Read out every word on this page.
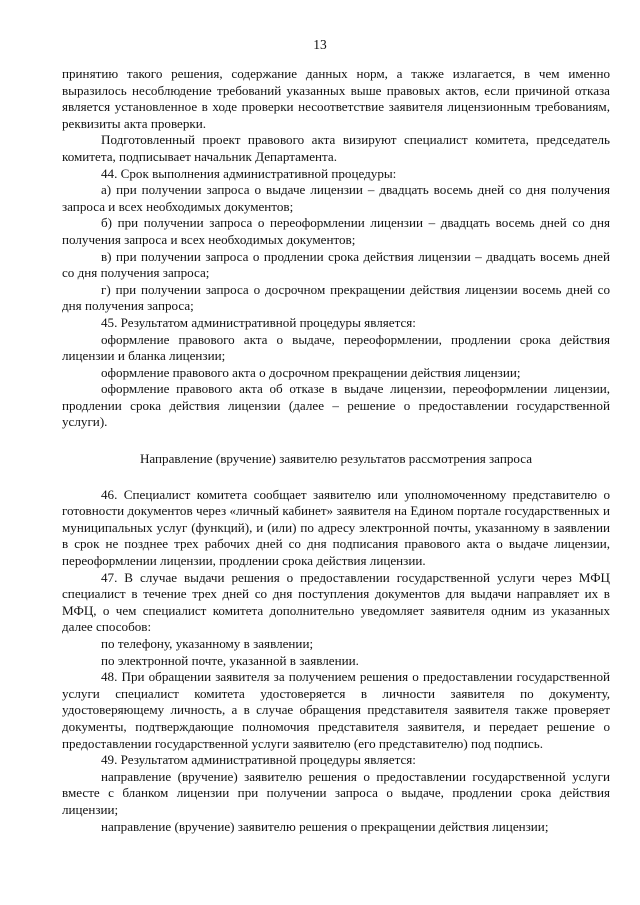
13

принятию такого решения, содержание данных норм, а также излагается, в чем именно выразилось несоблюдение требований указанных выше правовых актов, если причиной отказа является установленное в ходе проверки несоответствие заявителя лицензионным требованиям, реквизиты акта проверки.

Подготовленный проект правового акта визируют специалист комитета, председатель комитета, подписывает начальник Департамента.

44. Срок выполнения административной процедуры:

а) при получении запроса о выдаче лицензии – двадцать восемь дней со дня получения запроса и всех необходимых документов;

б) при получении запроса о переоформлении лицензии – двадцать восемь дней со дня получения запроса и всех необходимых документов;

в) при получении запроса о продлении срока действия лицензии – двадцать восемь дней со дня получения запроса;

г) при получении запроса о досрочном прекращении действия лицензии восемь дней со дня получения запроса;

45. Результатом административной процедуры является:

оформление правового акта о выдаче, переоформлении, продлении срока действия лицензии и бланка лицензии;

оформление правового акта о досрочном прекращении действия лицензии;

оформление правового акта об отказе в выдаче лицензии, переоформлении лицензии, продлении срока действия лицензии (далее – решение о предоставлении государственной услуги).

Направление (вручение) заявителю результатов рассмотрения запроса

46. Специалист комитета сообщает заявителю или уполномоченному представителю о готовности документов через «личный кабинет» заявителя на Едином портале государственных и муниципальных услуг (функций), и (или) по адресу электронной почты, указанному в заявлении в срок не позднее трех рабочих дней со дня подписания правового акта о выдаче лицензии, переоформлении лицензии, продлении срока действия лицензии.

47. В случае выдачи решения о предоставлении государственной услуги через МФЦ специалист в течение трех дней со дня поступления документов для выдачи направляет их в МФЦ, о чем специалист комитета дополнительно уведомляет заявителя одним из указанных далее способов:

по телефону, указанному в заявлении;

по электронной почте, указанной в заявлении.

48. При обращении заявителя за получением решения о предоставлении государственной услуги специалист комитета удостоверяется в личности заявителя по документу, удостоверяющему личность, а в случае обращения представителя заявителя также проверяет документы, подтверждающие полномочия представителя заявителя, и передает решение о предоставлении государственной услуги заявителю (его представителю) под подпись.

49. Результатом административной процедуры является:

направление (вручение) заявителю решения о предоставлении государственной услуги вместе с бланком лицензии при получении запроса о выдаче, продлении срока действия лицензии;

направление (вручение) заявителю решения о прекращении действия лицензии;
